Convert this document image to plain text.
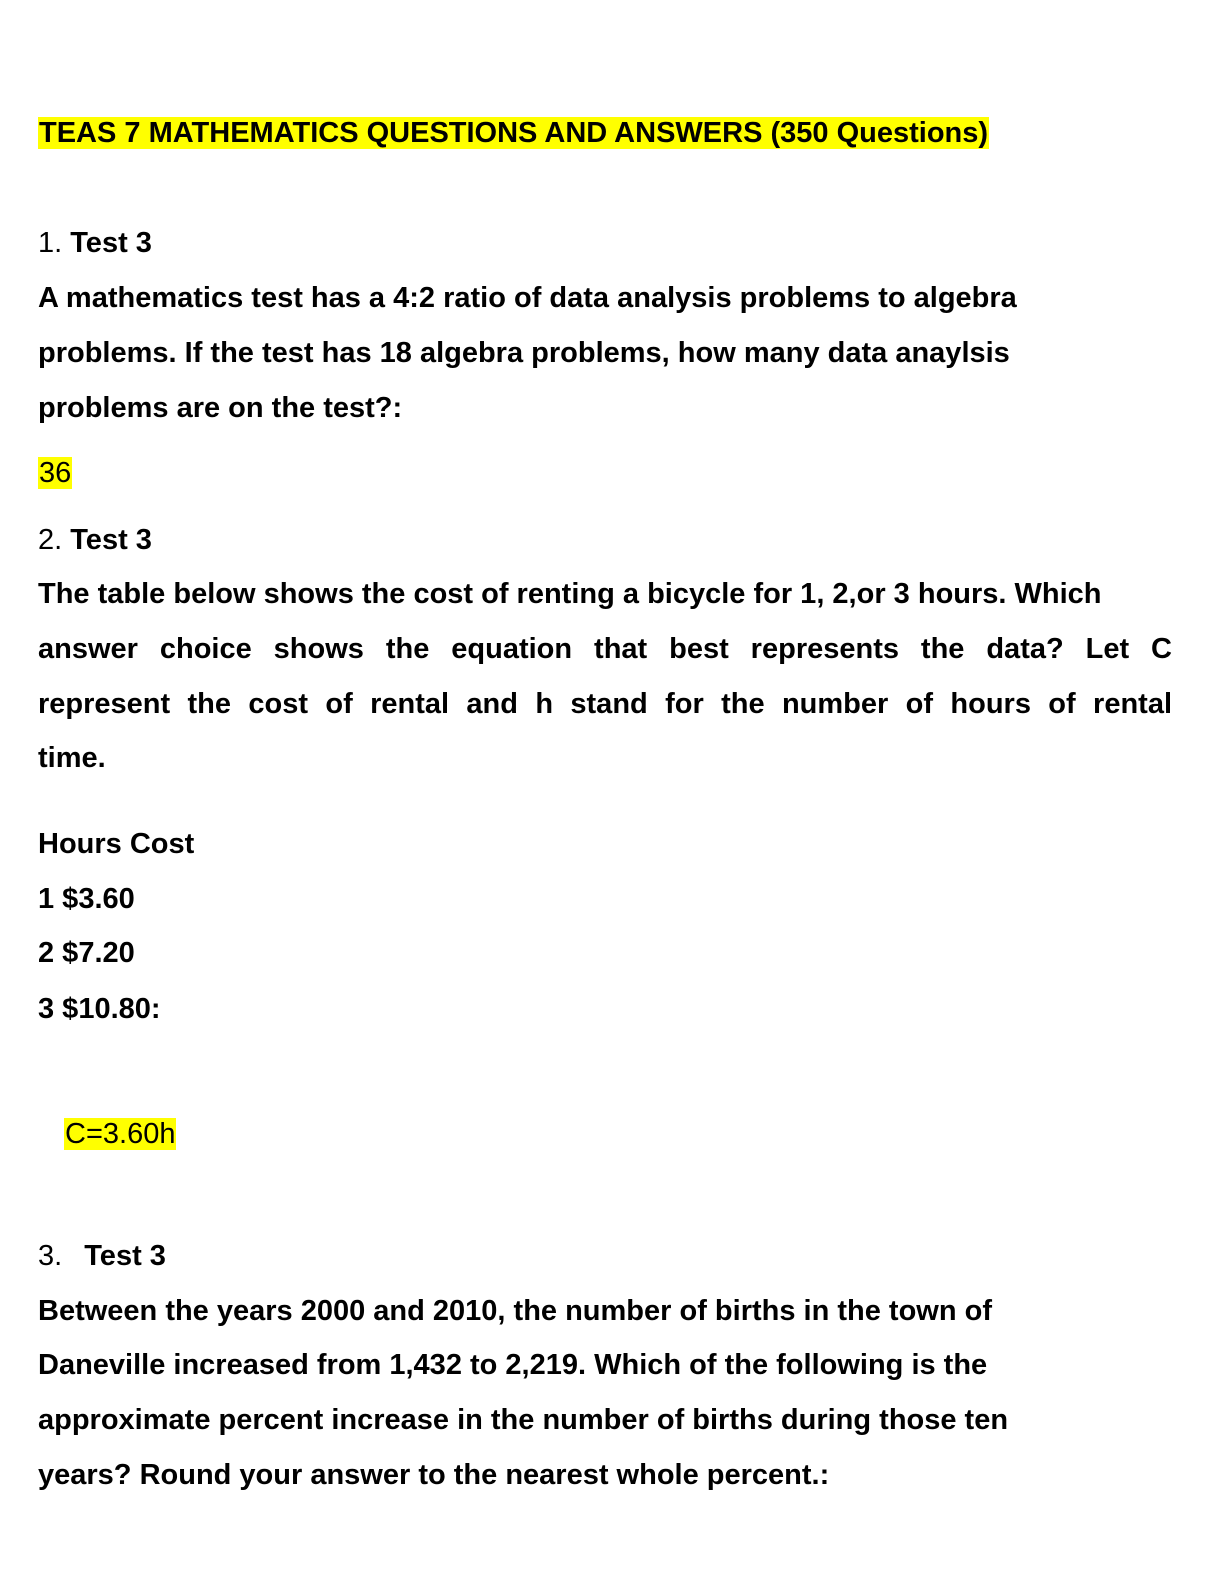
TEAS 7 MATHEMATICS QUESTIONS AND ANSWERS (350 Questions)
1. Test 3
A mathematics test has a 4:2 ratio of data analysis problems to algebra
problems. If the test has 18 algebra problems, how many data anaylsis
problems are on the test?:
36
2. Test 3
The table below shows the cost of renting a bicycle for 1, 2,or 3 hours. Which
answer choice shows the equation that best represents the data? Let C
represent the cost of rental and h stand for the number of hours of rental
time.
Hours Cost
1 $3.60
2 $7.20
3 $10.80:
C=3.60h
3. Test 3
Between the years 2000 and 2010, the number of births in the town of
Daneville increased from 1,432 to 2,219. Which of the following is the
approximate percent increase in the number of births during those ten
years? Round your answer to the nearest whole percent.:
